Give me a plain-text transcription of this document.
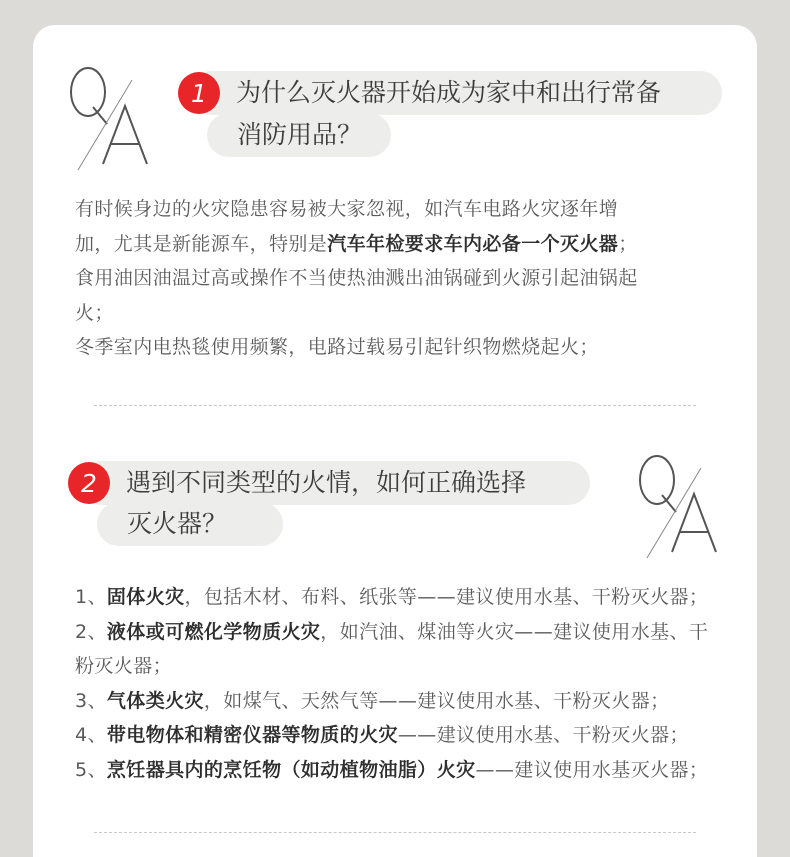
为什么灭火器开始成为家中和出行常备
消防用品？
1

有时候身边的火灾隐患容易被大家忽视，如汽车电路火灾逐年增

加，尤其是新能源车，特别是汽车年检要求车内必备一个灭火器；

食用油因油温过高或操作不当使热油溅出油锅碰到火源引起油锅起

火；

冬季室内电热毯使用频繁，电路过载易引起针织物燃烧起火；

遇到不同类型的火情，如何正确选择
灭火器？
2

1、固体火灾，包括木材、布料、纸张等——建议使用水基、干粉灭火器；

2、液体或可燃化学物质火灾，如汽油、煤油等火灾——建议使用水基、干

粉灭火器；

3、气体类火灾，如煤气、天然气等——建议使用水基、干粉灭火器；

4、带电物体和精密仪器等物质的火灾——建议使用水基、干粉灭火器；

5、烹饪器具内的烹饪物（如动植物油脂）火灾——建议使用水基灭火器；
